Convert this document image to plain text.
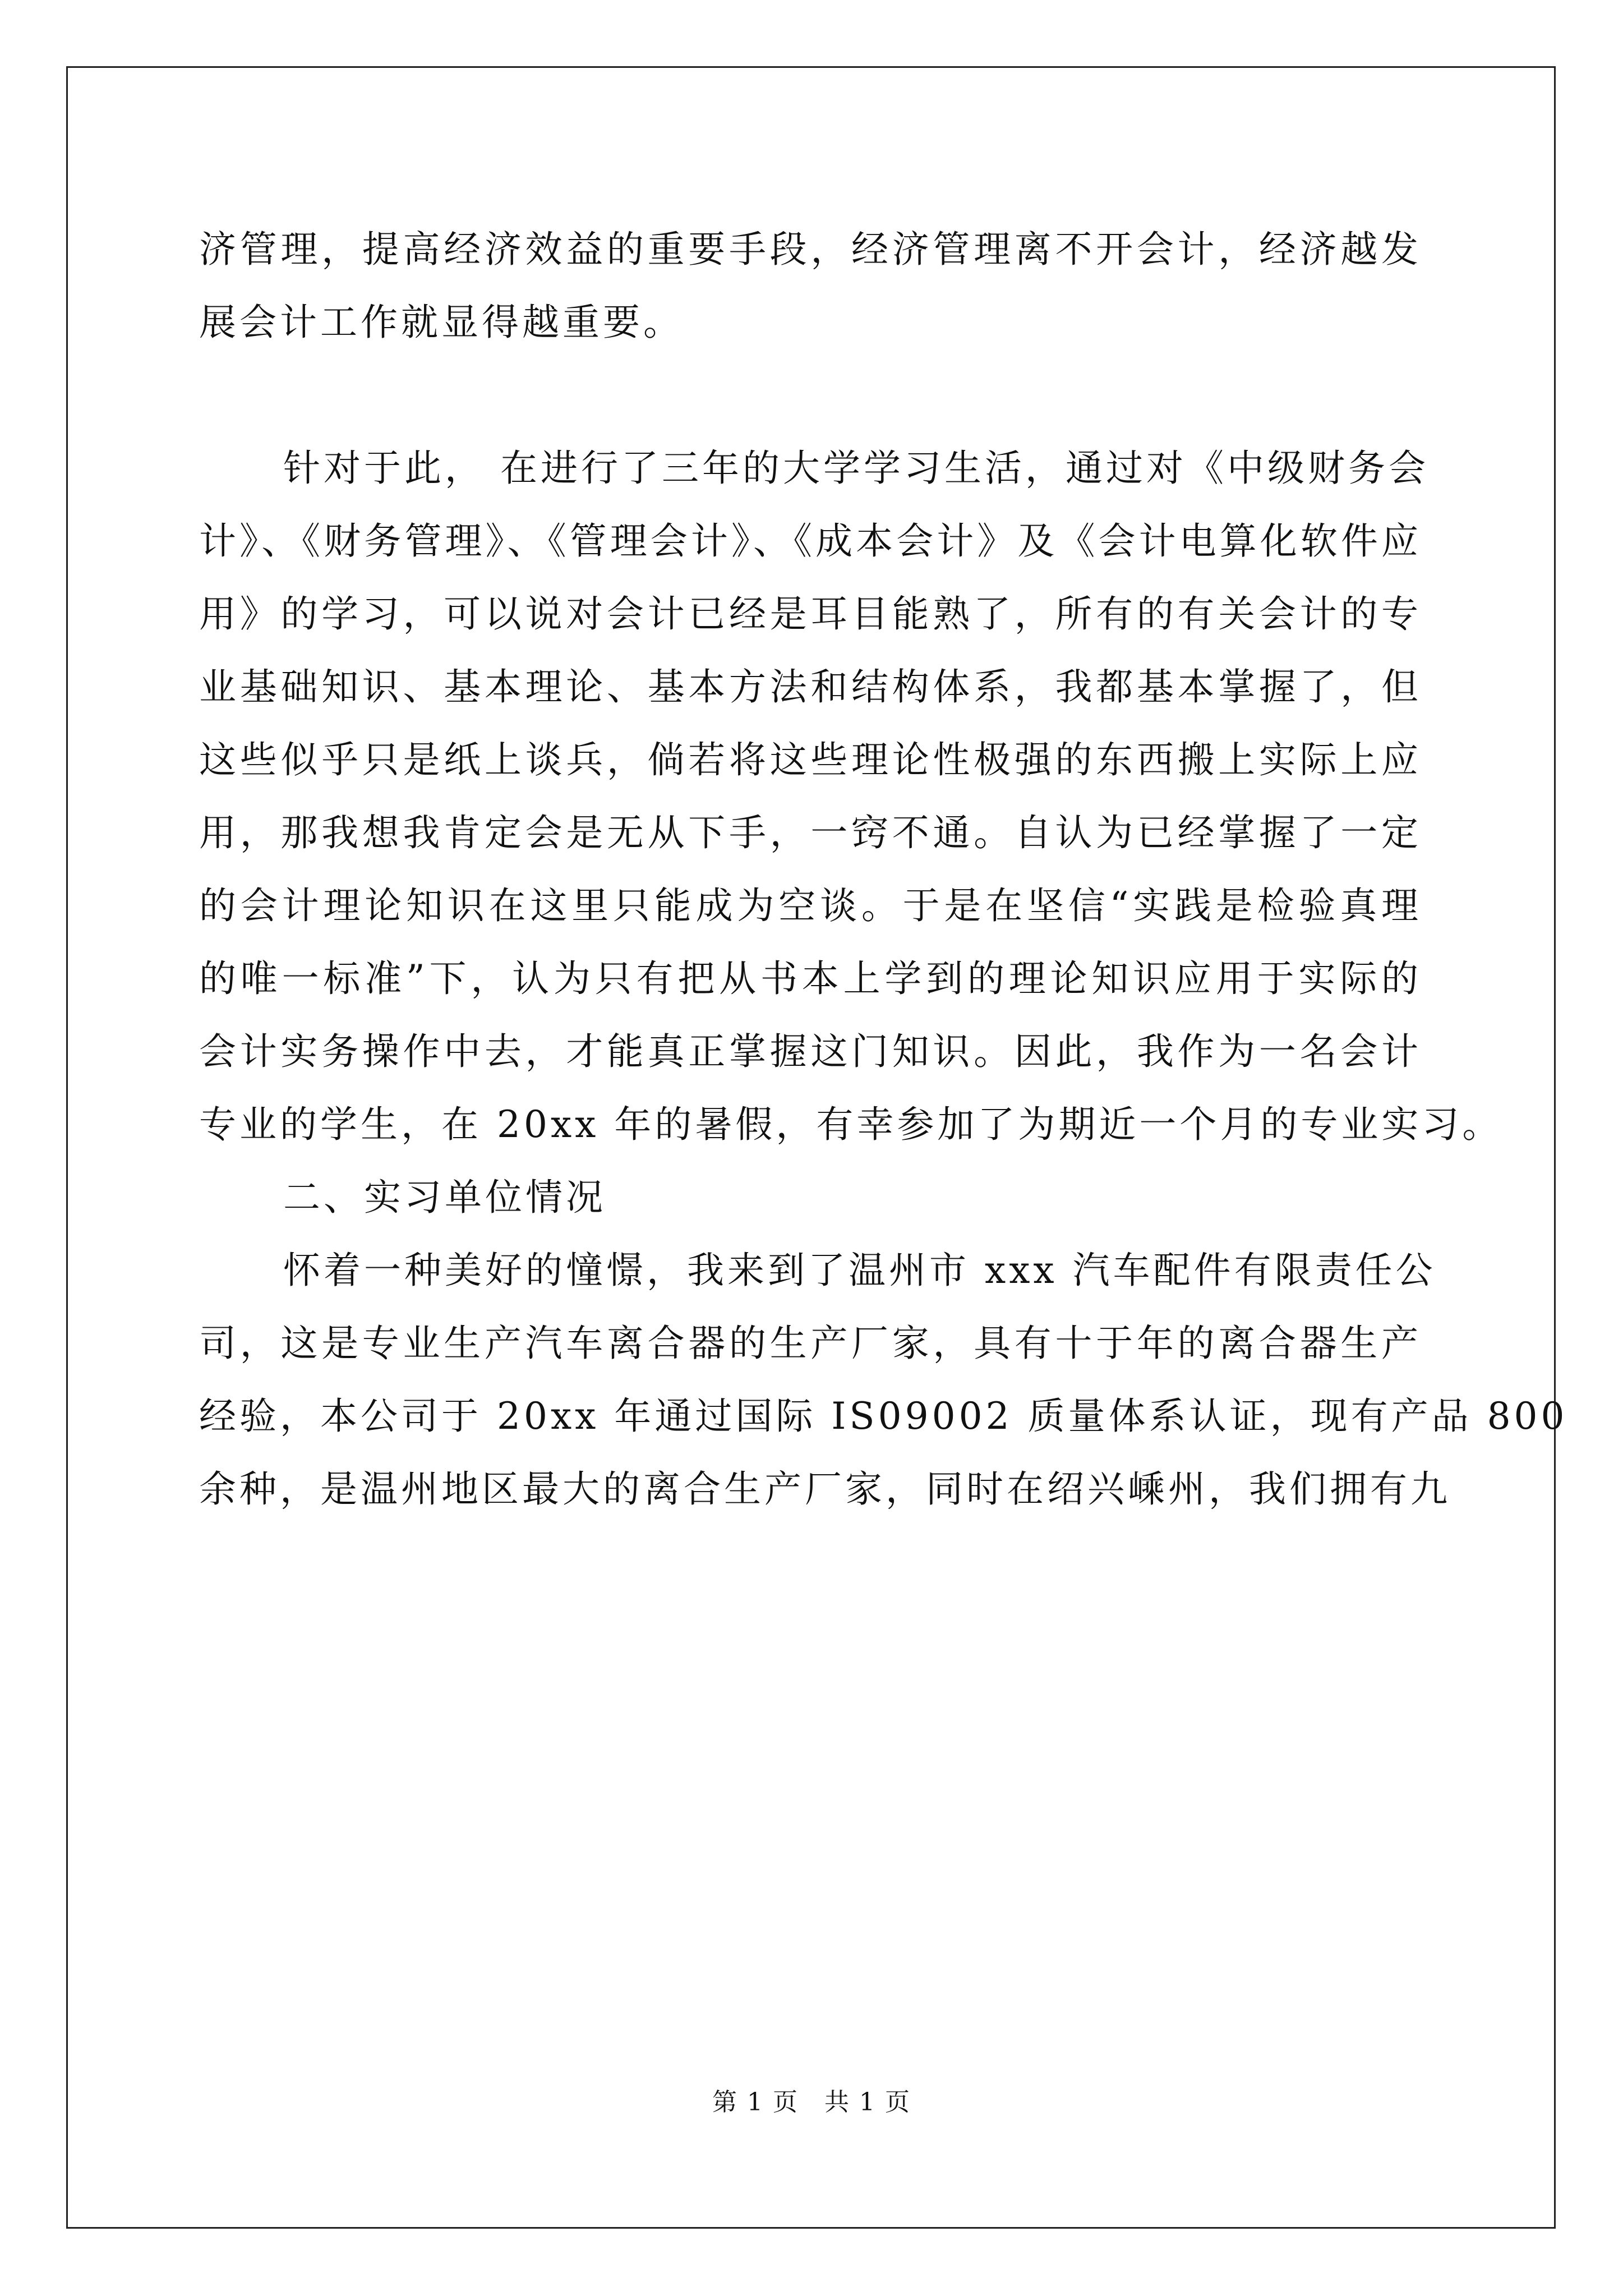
济管理，提高经济效益的重要手段，经济管理离不开会计，经济越发
展会计工作就显得越重要。
针对于此， 在进行了三年的大学学习生活，通过对《中级财务会
计》、《财务管理》、《管理会计》、《成本会计》及《会计电算化软件应
用》的学习，可以说对会计已经是耳目能熟了，所有的有关会计的专
业基础知识、基本理论、基本方法和结构体系，我都基本掌握了，但
这些似乎只是纸上谈兵，倘若将这些理论性极强的东西搬上实际上应
用，那我想我肯定会是无从下手，一窍不通。自认为已经掌握了一定
的会计理论知识在这里只能成为空谈。于是在坚信“实践是检验真理
的唯一标准”下，认为只有把从书本上学到的理论知识应用于实际的
会计实务操作中去，才能真正掌握这门知识。因此，我作为一名会计
专业的学生，在 20xx 年的暑假，有幸参加了为期近一个月的专业实习。
二、实习单位情况
怀着一种美好的憧憬，我来到了温州市 xxx 汽车配件有限责任公
司，这是专业生产汽车离合器的生产厂家，具有十于年的离合器生产
经验，本公司于 20xx 年通过国际 IS09002 质量体系认证，现有产品 800
余种，是温州地区最大的离合生产厂家，同时在绍兴嵊州，我们拥有九
第 1 页　共 1 页
